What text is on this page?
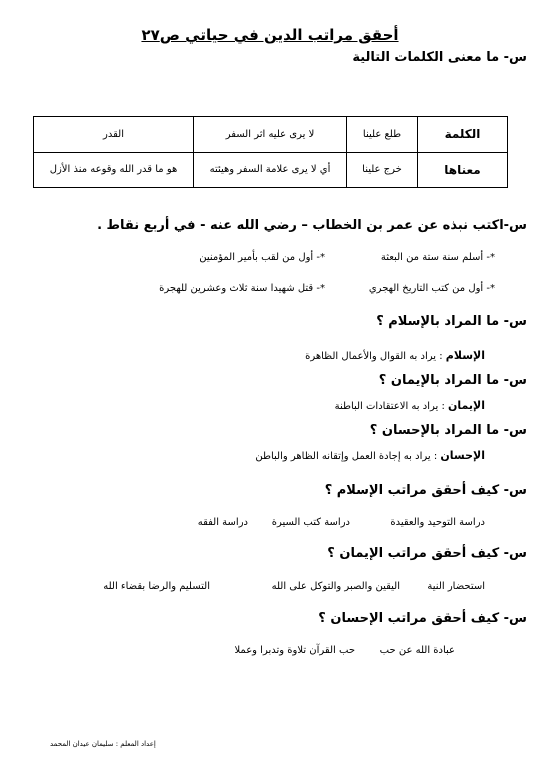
أحقق مراتب الدين في حياتي ص٢٧
س- ما معنى الكلمات التالية
الكلمة	طلع علينا	لا يرى عليه اثر السفر	القدر
معناها	خرج علينا	أي لا يرى علامة السفر وهيئته	هو ما قدر الله وقوعه منذ الأزل
س-اكتب نبذه عن عمر بن الخطاب – رضي الله عنه - في أربع نقاط .
*- أسلم سنة ستة من البعثة
*- أول من لقب بأمير المؤمنين
*- أول من كتب التاريخ الهجري
*- قتل شهيدا سنة ثلاث وعشرين للهجرة
س- ما المراد بالإسلام ؟
الإسلام : يراد به القوال والأعمال الظاهرة
س- ما المراد بالإيمان ؟
الإيمان : يراد به الاعتقادات الباطنة
س- ما المراد بالإحسان ؟
الإحسان : يراد به إجادة العمل وإتقانه الظاهر والباطن
س- كيف أحقق مراتب الإسلام ؟
دراسة التوحيد والعقيدة
دراسة كتب السيرة
دراسة الفقه
س- كيف أحقق مراتب الإيمان ؟
استحضار النية
اليقين والصبر والتوكل على الله
التسليم والرضا بقضاء الله
س- كيف أحقق مراتب الإحسان ؟
عبادة الله عن حب
حب القرآن تلاوة وتدبرا وعملا
إعداد المعلم : سليمان عيدان المحمد
